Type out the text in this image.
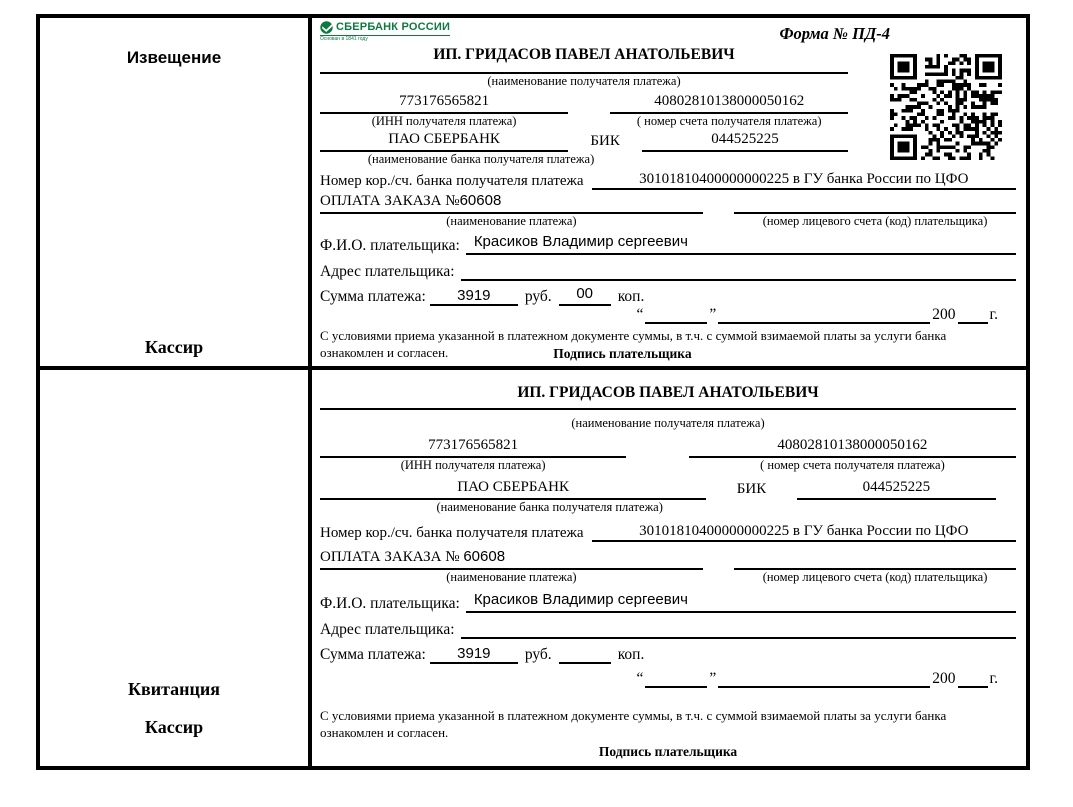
Извещение
Кассир
СБЕРБАНК РОССИИ
Основан в 1841 году	Форма № ПД-4
ИП. ГРИДАСОВ ПАВЕЛ АНАТОЛЬЕВИЧ
(наименование получателя платежа)
773176565821	40802810138000050162
(ИНН получателя платежа)	( номер счета получателя платежа)
ПАО СБЕРБАНК	БИК	044525225
(наименование банка получателя платежа)
Номер кор./сч. банка получателя платежа	30101810400000000225 в ГУ банка России по ЦФО
ОПЛАТА ЗАКАЗА №60608
(наименование платежа)	(номер лицевого счета (код) плательщика)
Ф.И.О. плательщика: Красиков Владимир сергеевич
Адрес плательщика:
Сумма платежа:	3919	руб.	00	коп.
“	”	200 г.
С условиями приема указанной в платежном документе суммы, в т.ч. с суммой взимаемой платы за услуги банка
ознакомлен и согласен.	Подпись плательщика
Квитанция
Кассир
ИП. ГРИДАСОВ ПАВЕЛ АНАТОЛЬЕВИЧ
(наименование получателя платежа)
773176565821	40802810138000050162
(ИНН получателя платежа)	( номер счета получателя платежа)
ПАО СБЕРБАНК	БИК	044525225
(наименование банка получателя платежа)
Номер кор./сч. банка получателя платежа	30101810400000000225 в ГУ банка России по ЦФО
ОПЛАТА ЗАКАЗА № 60608
(наименование платежа)	(номер лицевого счета (код) плательщика)
Ф.И.О. плательщика: Красиков Владимир сергеевич
Адрес плательщика:
Сумма платежа:	3919	руб.	коп.
“	”	200 г.
С условиями приема указанной в платежном документе суммы, в т.ч. с суммой взимаемой платы за услуги банка
ознакомлен и согласен.
Подпись плательщика
